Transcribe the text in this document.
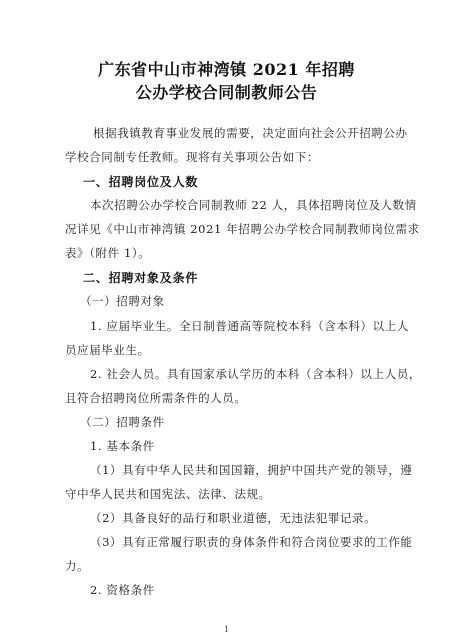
广东省中山市神湾镇 2021 年招聘
公办学校合同制教师公告
根据我镇教育事业发展的需要，决定面向社会公开招聘公办
学校合同制专任教师。现将有关事项公告如下：
一、招聘岗位及人数
本次招聘公办学校合同制教师 22 人，具体招聘岗位及人数情
况详见《中山市神湾镇 2021 年招聘公办学校合同制教师岗位需求
表》（附件 1）。
二、招聘对象及条件
（一）招聘对象
1. 应届毕业生。全日制普通高等院校本科（含本科）以上人
员应届毕业生。
2. 社会人员。具有国家承认学历的本科（含本科）以上人员，
且符合招聘岗位所需条件的人员。
（二）招聘条件
1. 基本条件
（1）具有中华人民共和国国籍，拥护中国共产党的领导，遵
守中华人民共和国宪法、法律、法规。
（2）具备良好的品行和职业道德，无违法犯罪记录。
（3）具有正常履行职责的身体条件和符合岗位要求的工作能
力。
2. 资格条件
1
